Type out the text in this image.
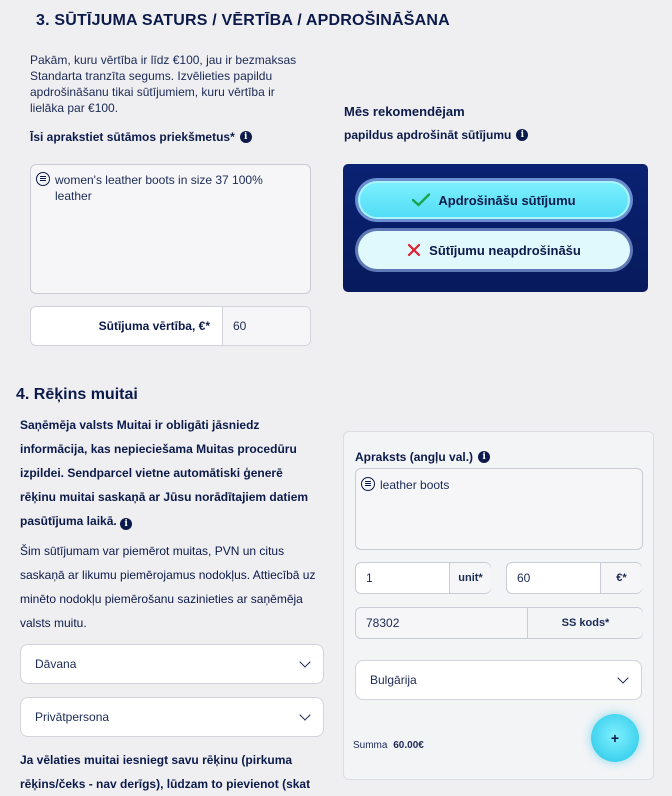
3. SŪTĪJUMA SATURS / VĒRTĪBA / APDROŠINĀŠANA
Pakām, kuru vērtība ir līdz €100, jau ir bezmaksas Standarta tranzīta segums. Izvēlieties papildu apdrošināšanu tikai sūtījumiem, kuru vērtība ir lielāka par €100.
Īsi aprakstiet sūtāmos priekšmetus*	i
women's leather boots in size 37 100% leather
Sūtījuma vērtība, €*	60
Mēs rekomendējam
papildus apdrošināt sūtījumu	i
Apdrošināšu sūtījumu
Sūtījumu neapdrošināšu
4. Rēķins muitai
Saņēmēja valsts Muitai ir obligāti jāsniedz informācija, kas nepieciešama Muitas procedūru izpildei. Sendparcel vietne automātiski ģenerē rēķinu muitai saskaņā ar Jūsu norādītajiem datiem pasūtījuma laikā. i
Šim sūtījumam var piemērot muitas, PVN un citus saskaņā ar likumu piemērojamus nodokļus. Attiecībā uz minēto nodokļu piemērošanu sazinieties ar saņēmēja valsts muitu.
Dāvana
Privātpersona
Ja vēlaties muitai iesniegt savu rēķinu (pirkuma rēķins/čeks - nav derīgs), lūdzam to pievienot (skat
Apraksts (angļu val.)	i
leather boots
1	unit*	60	€*
78302	SS kods*
Bulgārija
Summa 60.00€	+
